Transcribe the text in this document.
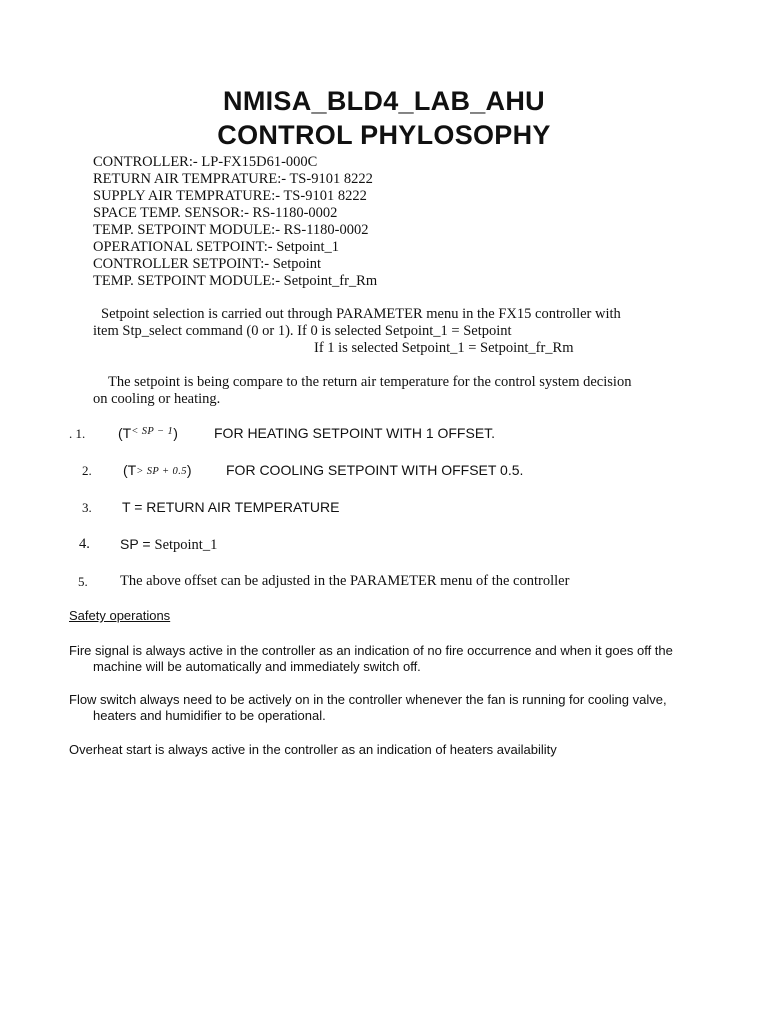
NMISA_BLD4_LAB_AHU
CONTROL PHYLOSOPHY
CONTROLLER:- LP-FX15D61-000C
RETURN AIR TEMPRATURE:- TS-9101 8222
SUPPLY AIR TEMPRATURE:- TS-9101 8222
SPACE TEMP. SENSOR:- RS-1180-0002
TEMP. SETPOINT MODULE:- RS-1180-0002
OPERATIONAL SETPOINT:- Setpoint_1
CONTROLLER SETPOINT:- Setpoint
TEMP. SETPOINT MODULE:- Setpoint_fr_Rm
Setpoint selection is carried out through PARAMETER menu in the FX15 controller with
item Stp_select command (0 or 1). If 0 is selected Setpoint_1 = Setpoint
If 1 is selected Setpoint_1 = Setpoint_fr_Rm
The setpoint is being compare to the return air temperature for the control system decision
on cooling or heating.
. 1. $(T^{< SP - 1})$	FOR HEATING SETPOINT WITH 1 OFFSET.
2. (T> SP + 0.5) FOR COOLING SETPOINT WITH OFFSET 0.5.
3. T = RETURN AIR TEMPERATURE
4. SP = Setpoint_1
5. The above offset can be adjusted in the PARAMETER menu of the controller
Safety operations
Fire signal is always active in the controller as an indication of no fire occurrence and when it goes off the
machine will be automatically and immediately switch off.
Flow switch always need to be actively on in the controller whenever the fan is running for cooling valve,
heaters and humidifier to be operational.
Overheat start is always active in the controller as an indication of heaters availability
